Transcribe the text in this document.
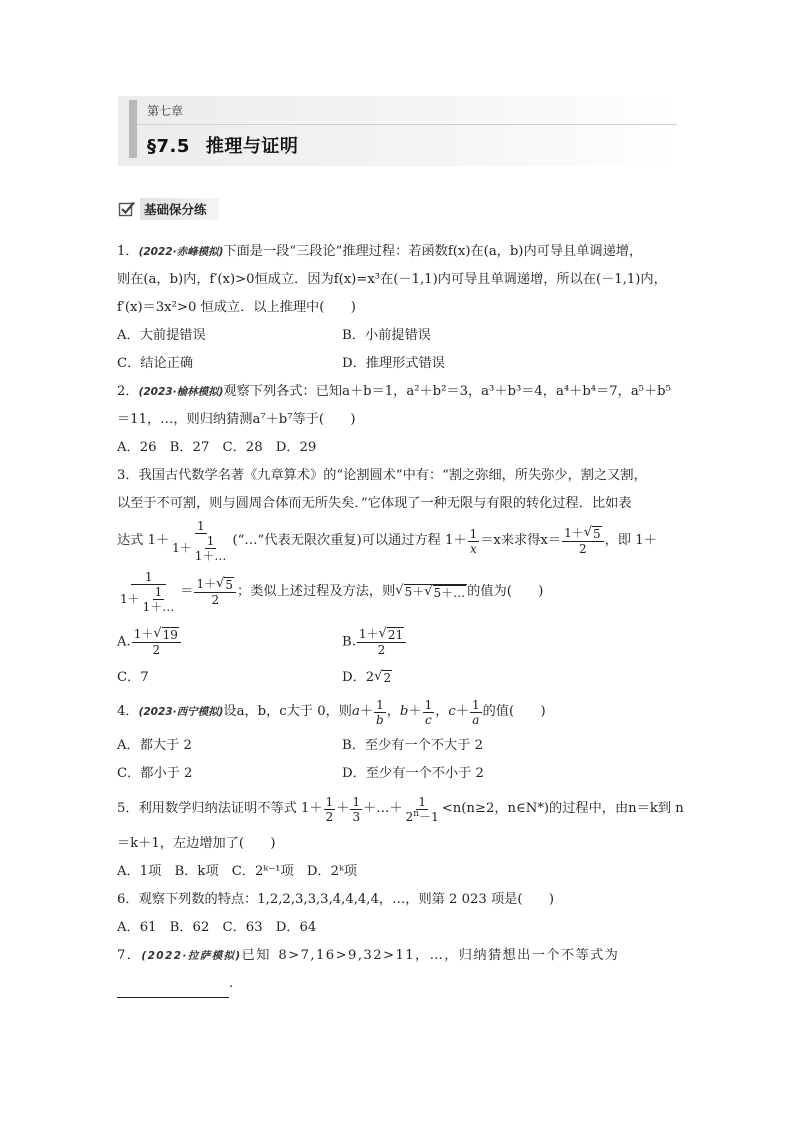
第七章
§7.5 推理与证明
基础保分练
1．(2022·赤峰模拟)下面是一段“三段论”推理过程：若函数f(x)在(a，b)内可导且单调递增，
则在(a，b)内，f′(x)>0恒成立．因为f(x)=x³在(－1,1)内可导且单调递增，所以在(－1,1)内，
f′(x)＝3x²>0 恒成立．以上推理中(　　)
A．大前提错误	B．小前提错误
C．结论正确	D．推理形式错误
2．(2023·榆林模拟)观察下列各式：已知a＋b＝1，a²＋b²＝3，a³＋b³＝4，a⁴＋b⁴＝7，a⁵＋b⁵
＝11，…，则归纳猜测a⁷＋b⁷等于(　　)
A．26　B．27　C．28　D．29
3．我国古代数学名著《九章算术》的“论割圆术”中有：“割之弥细，所失弥少，割之又割，
以至于不可割，则与圆周合体而无所失矣．”它体现了一种无限与有限的转化过程．比如表
达式 $1+ \frac{1}{1+ \frac{1}{1+\dots}}$ (“…”代表无限次重复)可以通过方程 $1+ \frac{1}{x} =x$来求得$x= \frac{1+ √ 5}{2}$ ，即 1＋
$\frac{1}{1+ \frac{1}{1+\dots}} = \frac{1+ √ 5}{2}$ ；类似上述过程及方法，则 √ 5＋ √ 5＋… 的值为(　　)
A. $\frac{1+ √ 19}{2}$	B. $\frac{1+ √ 21}{2}$
C．7	D．2 √ 2
4． (2023·西宁模拟) 设a，b，c大于 0，则 $a + \frac{1}{b}$ ， $b + \frac{1}{c}$ ， $c + \frac{1}{a}$ 的值(　　)
A．都大于 2	B．至少有一个不大于 2
C．都小于 2	D．至少有一个不小于 2
5．利用数学归纳法证明不等式 $1+ \frac{1}{2} + \frac{1}{3}$ ＋…＋ $\frac{1}{2^n-1} <n(n\ge 2$，n∈N*)的过程中，由n＝k到 n
＝k＋1，左边增加了(　　)
A．1项　B．k项　C．2ᵏ⁻¹项　D．2ᵏ项
6．观察下列数的特点：1,2,2,3,3,3,4,4,4,4，…，则第 2 023 项是(　　)
A．61　B．62　C．63　D．64
7．(2022·拉萨模拟)已知 8>7,16>9,32>11，…，归纳猜想出一个不等式为
.
